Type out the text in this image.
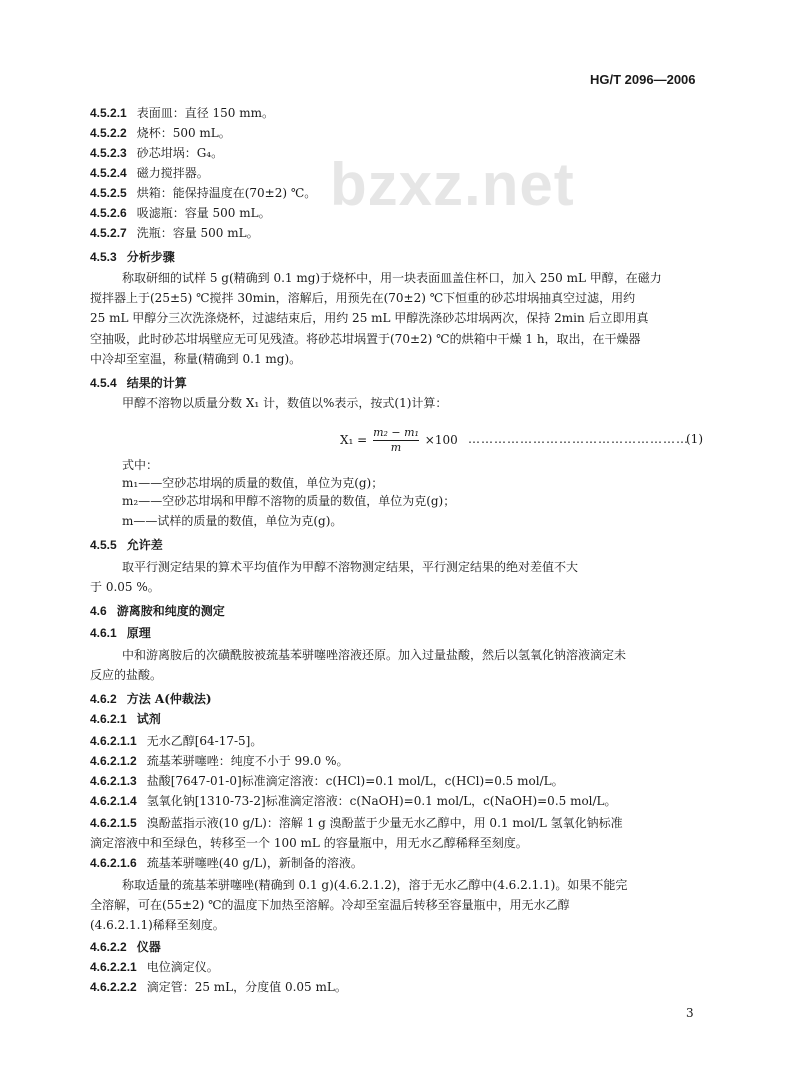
HG/T 2096—2006
bzxz.net
4.5.2.1 表面皿：直径 150 mm。
4.5.2.2 烧杯：500 mL。
4.5.2.3 砂芯坩埚：G₄。
4.5.2.4 磁力搅拌器。
4.5.2.5 烘箱：能保持温度在(70±2) ℃。
4.5.2.6 吸滤瓶：容量 500 mL。
4.5.2.7 洗瓶：容量 500 mL。
4.5.3 分析步骤
称取研细的试样 5 g(精确到 0.1 mg)于烧杯中，用一块表面皿盖住杯口，加入 250 mL 甲醇，在磁力
搅拌器上于(25±5) ℃搅拌 30min，溶解后，用预先在(70±2) ℃下恒重的砂芯坩埚抽真空过滤，用约
25 mL 甲醇分三次洗涤烧杯，过滤结束后，用约 25 mL 甲醇洗涤砂芯坩埚两次，保持 2min 后立即用真
空抽吸，此时砂芯坩埚壁应无可见残渣。将砂芯坩埚置于(70±2) ℃的烘箱中干燥 1 h，取出，在干燥器
中冷却至室温，称量(精确到 0.1 mg)。
4.5.4 结果的计算
甲醇不溶物以质量分数 X₁ 计，数值以%表示，按式(1)计算：
式中：
m₁——空砂芯坩埚的质量的数值，单位为克(g)；
m₂——空砂芯坩埚和甲醇不溶物的质量的数值，单位为克(g)；
m——试样的质量的数值，单位为克(g)。
4.5.5 允许差
取平行测定结果的算术平均值作为甲醇不溶物测定结果，平行测定结果的绝对差值不大
于 0.05 %。
4.6 游离胺和纯度的测定
4.6.1 原理
中和游离胺后的次磺酰胺被巯基苯骈噻唑溶液还原。加入过量盐酸，然后以氢氧化钠溶液滴定未
反应的盐酸。
4.6.2 方法 A(仲裁法)
4.6.2.1 试剂
4.6.2.1.1 无水乙醇[64-17-5]。
4.6.2.1.2 巯基苯骈噻唑：纯度不小于 99.0 %。
4.6.2.1.3 盐酸[7647-01-0]标准滴定溶液：c(HCl)=0.1 mol/L，c(HCl)=0.5 mol/L。
4.6.2.1.4 氢氧化钠[1310-73-2]标准滴定溶液：c(NaOH)=0.1 mol/L，c(NaOH)=0.5 mol/L。
4.6.2.1.5 溴酚蓝指示液(10 g/L)：溶解 1 g 溴酚蓝于少量无水乙醇中，用 0.1 mol/L 氢氧化钠标准
滴定溶液中和至绿色，转移至一个 100 mL 的容量瓶中，用无水乙醇稀释至刻度。
4.6.2.1.6 巯基苯骈噻唑(40 g/L)，新制备的溶液。
称取适量的巯基苯骈噻唑(精确到 0.1 g)(4.6.2.1.2)，溶于无水乙醇中(4.6.2.1.1)。如果不能完
全溶解，可在(55±2) ℃的温度下加热至溶解。冷却至室温后转移至容量瓶中，用无水乙醇
(4.6.2.1.1)稀释至刻度。
4.6.2.2 仪器
4.6.2.2.1 电位滴定仪。
4.6.2.2.2 滴定管：25 mL，分度值 0.05 mL。
$X_1 = \frac{\text{m₂ − m₁}}{m} \times 100$ ……………………………………………
(1)
3
